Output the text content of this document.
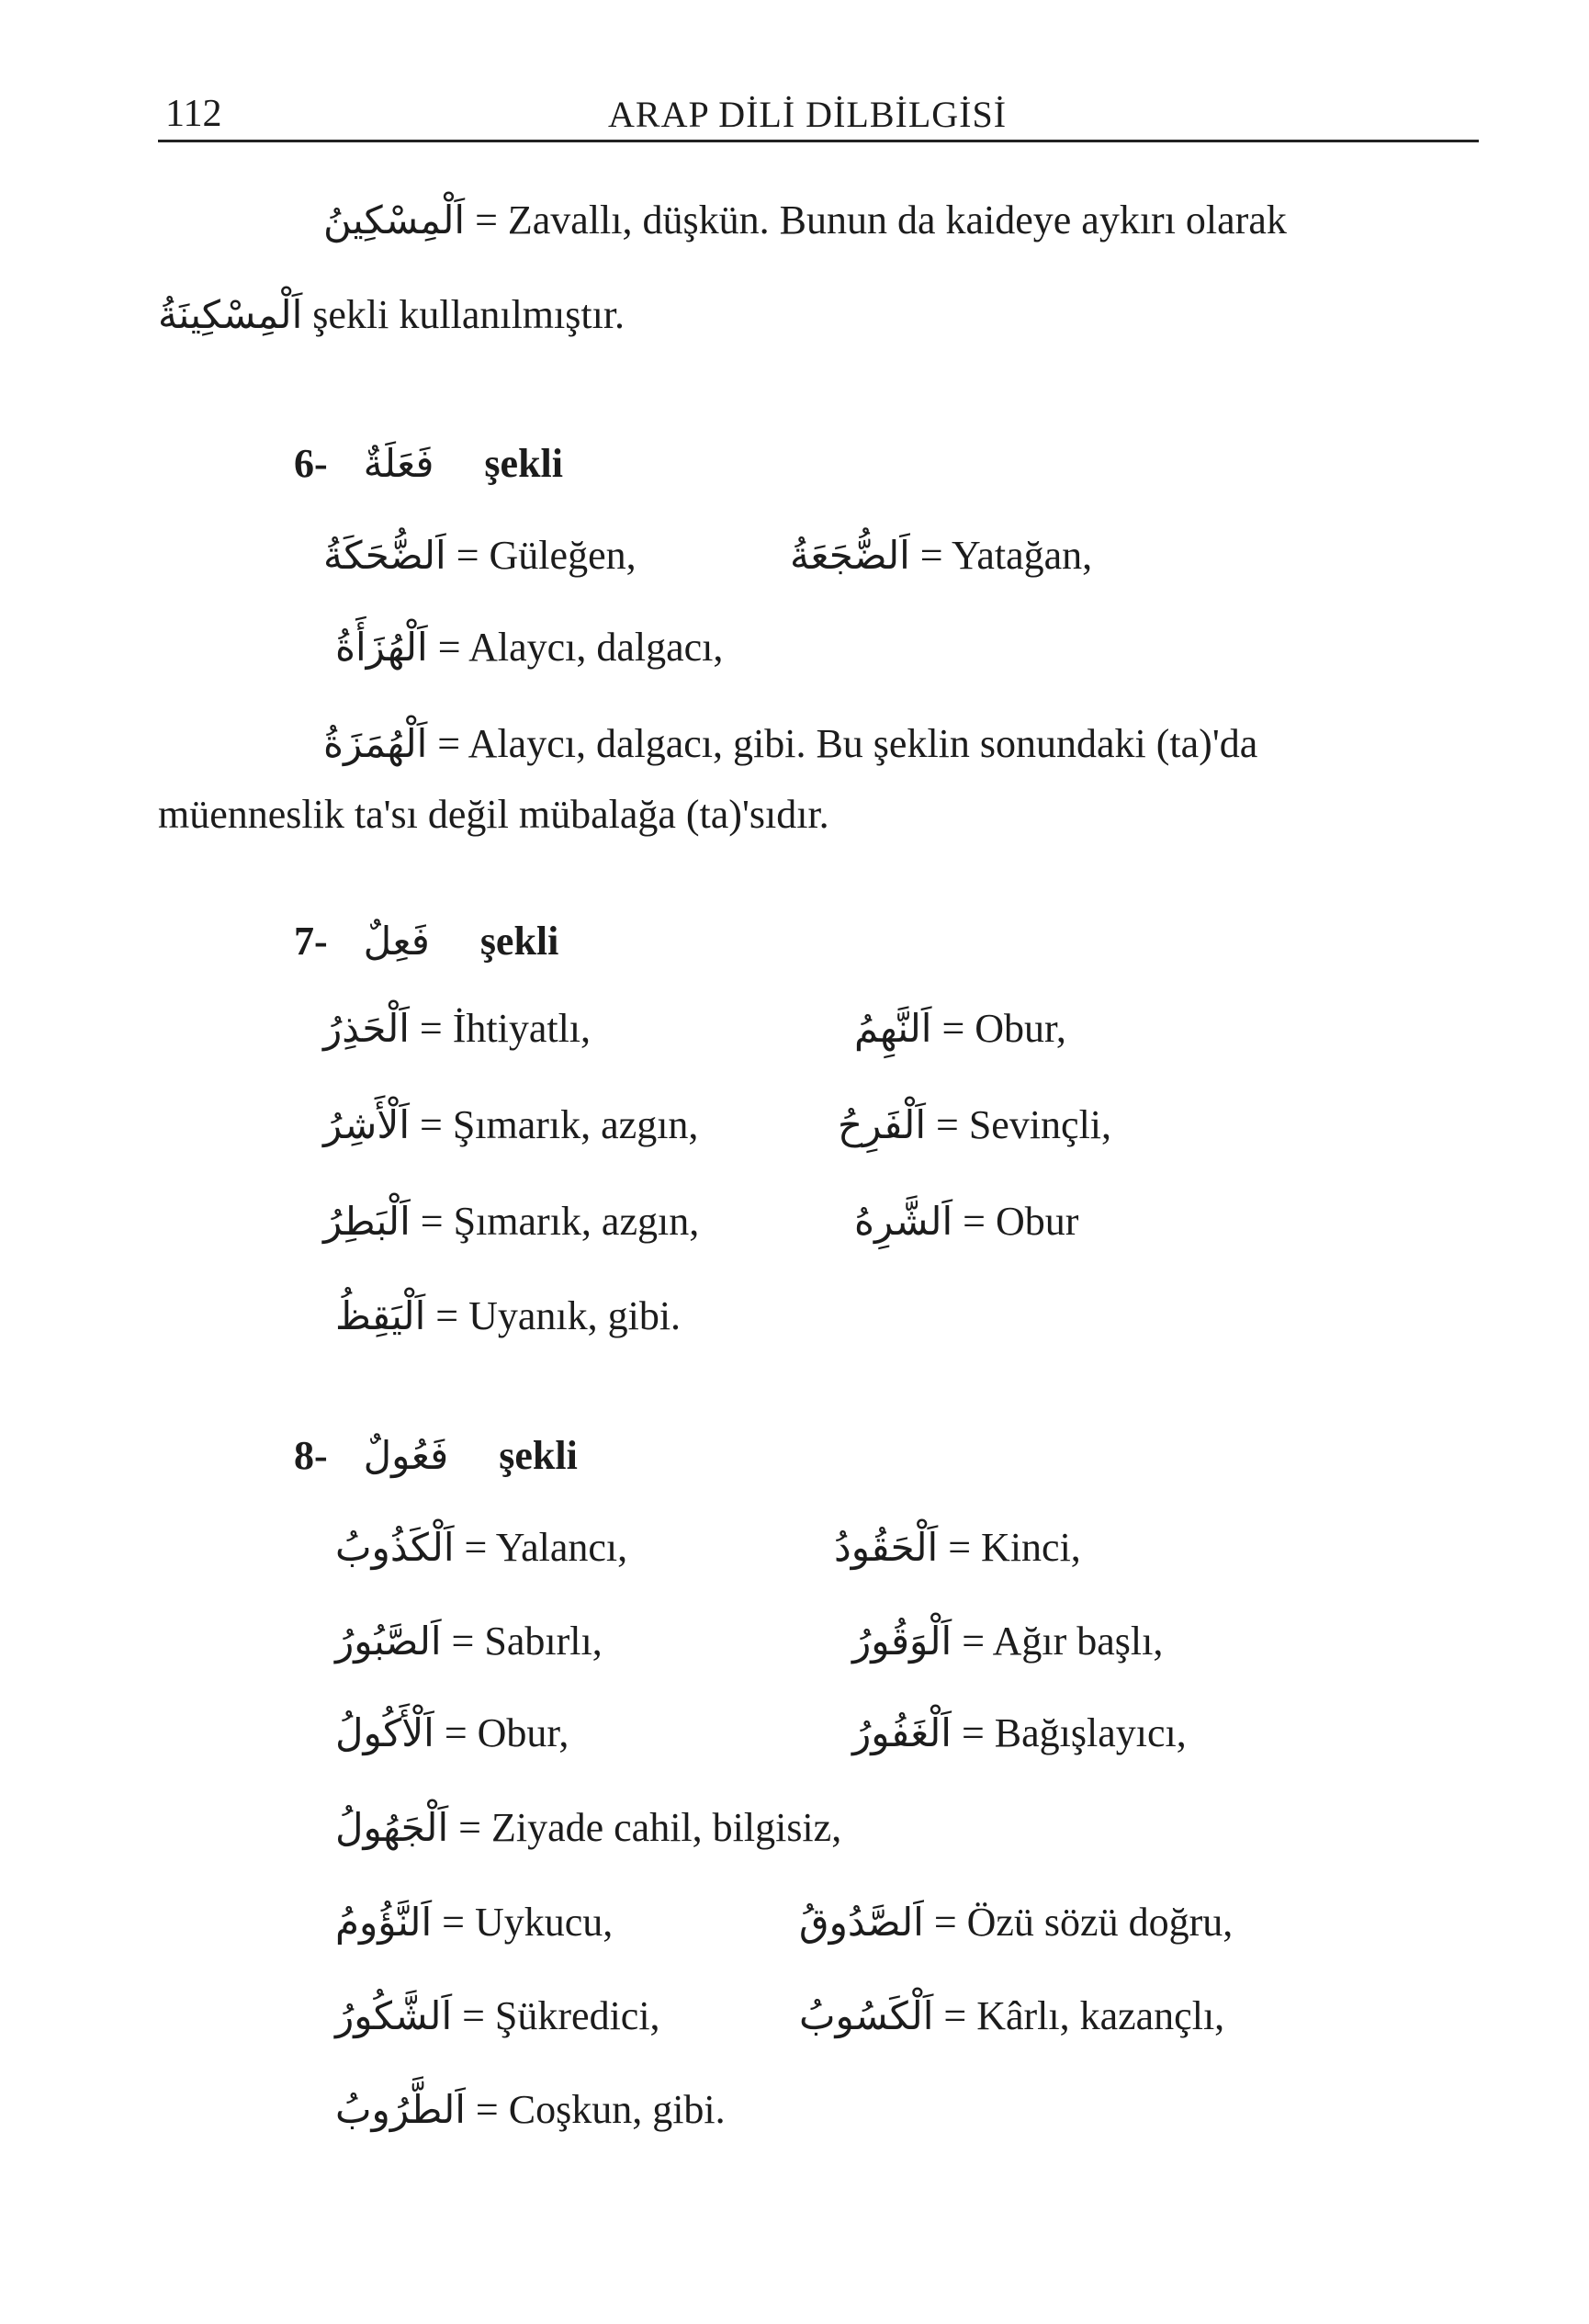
112	ARAP DİLİ DİLBİLGİSİ
اَلْمِسْكِينُ = Zavallı, düşkün. Bunun da kaideye aykırı olarak
اَلْمِسْكِينَةُ şekli kullanılmıştır.
6- فَعَلَةٌ şekli
اَلضُّحَكَةُ = Güleğen,	اَلضُّجَعَةُ = Yatağan,
اَلْهُزَأَةُ = Alaycı, dalgacı,
اَلْهُمَزَةُ = Alaycı, dalgacı, gibi. Bu şeklin sonundaki (ta)'da
müenneslik ta'sı değil mübalağa (ta)'sıdır.
7- فَعِلٌ şekli
اَلْحَذِرُ = İhtiyatlı,	اَلنَّهِمُ = Obur,
اَلْأَشِرُ = Şımarık, azgın,	اَلْفَرِحُ = Sevinçli,
اَلْبَطِرُ = Şımarık, azgın,	اَلشَّرِهُ = Obur
اَلْيَقِظُ = Uyanık, gibi.
8- فَعُولٌ şekli
اَلْكَذُوبُ = Yalancı,	اَلْحَقُودُ = Kinci,
اَلصَّبُورُ = Sabırlı,	اَلْوَقُورُ = Ağır başlı,
اَلْأَكُولُ = Obur,	اَلْغَفُورُ = Bağışlayıcı,
اَلْجَهُولُ = Ziyade cahil, bilgisiz,
اَلنَّؤُومُ = Uykucu,	اَلصَّدُوقُ = Özü sözü doğru,
اَلشَّكُورُ = Şükredici,	اَلْكَسُوبُ = Kârlı, kazançlı,
اَلطَّرُوبُ = Coşkun, gibi.
